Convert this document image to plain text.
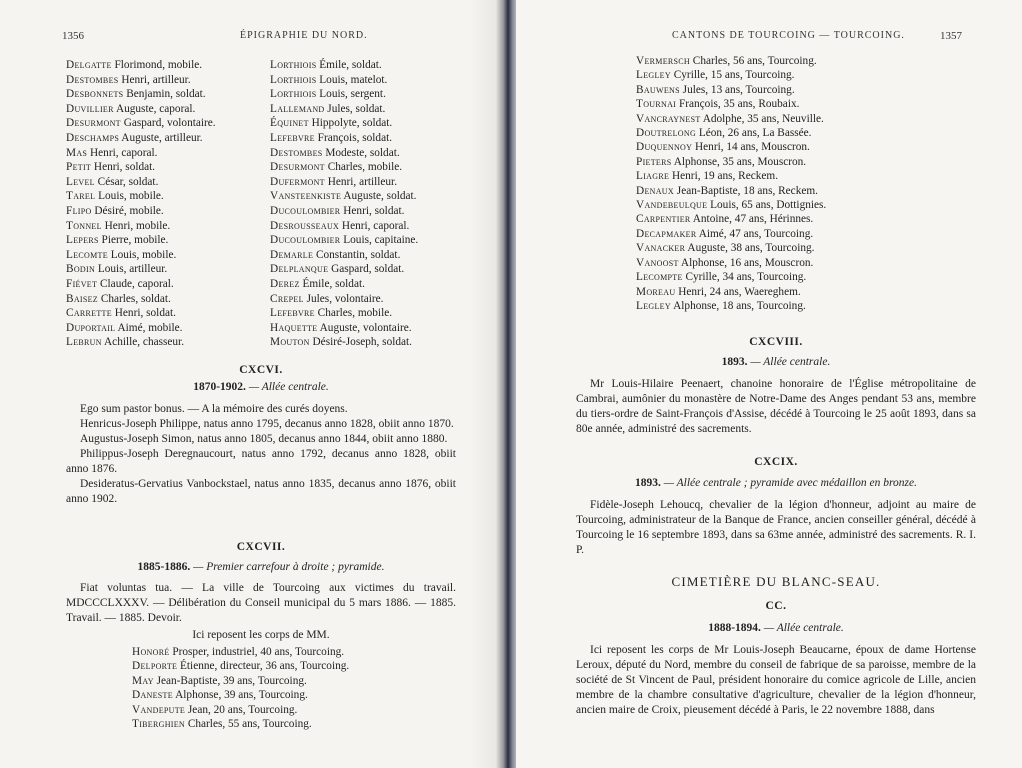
1356	ÉPIGRAPHIE DU NORD.
Delgatte Florimond, mobile.
Destombes Henri, artilleur.
Desbonnets Benjamin, soldat.
Duvillier Auguste, caporal.
Desurmont Gaspard, volontaire.
Deschamps Auguste, artilleur.
Mas Henri, caporal.
Petit Henri, soldat.
Level César, soldat.
Tarel Louis, mobile.
Flipo Désiré, mobile.
Tonnel Henri, mobile.
Lepers Pierre, mobile.
Lecomte Louis, mobile.
Bodin Louis, artilleur.
Fiévet Claude, caporal.
Baisez Charles, soldat.
Carrette Henri, soldat.
Duportail Aimé, mobile.
Lebrun Achille, chasseur.
Lorthiois Émile, soldat.
Lorthiois Louis, matelot.
Lorthiois Louis, sergent.
Lallemand Jules, soldat.
Équinet Hippolyte, soldat.
Lefebvre François, soldat.
Destombes Modeste, soldat.
Desurmont Charles, mobile.
Dufermont Henri, artilleur.
Vansteenkiste Auguste, soldat.
Ducoulombier Henri, soldat.
Desrousseaux Henri, caporal.
Ducoulombier Louis, capitaine.
Demarle Constantin, soldat.
Delplanque Gaspard, soldat.
Derez Émile, soldat.
Crepel Jules, volontaire.
Lefebvre Charles, mobile.
Haquette Auguste, volontaire.
Mouton Désiré-Joseph, soldat.
CXCVI.
1870-1902. — Allée centrale.
Ego sum pastor bonus. — A la mémoire des curés doyens.
Henricus-Joseph Philippe, natus anno 1795, decanus anno 1828, obiit anno 1870.
Augustus-Joseph Simon, natus anno 1805, decanus anno 1844, obiit anno 1880.
Philippus-Joseph Deregnaucourt, natus anno 1792, decanus anno 1828, obiit anno 1876.
Desideratus-Gervatius Vanbockstael, natus anno 1835, decanus anno 1876, obiit anno 1902.
CXCVII.
1885-1886. — Premier carrefour à droite ; pyramide.
Fiat voluntas tua. — La ville de Tourcoing aux victimes du travail. MDCCCLXXXV. — Délibération du Conseil municipal du 5 mars 1886. — 1885. Travail. — 1885. Devoir.
Ici reposent les corps de MM.
Honoré Prosper, industriel, 40 ans, Tourcoing.
Delporte Étienne, directeur, 36 ans, Tourcoing.
May Jean-Baptiste, 39 ans, Tourcoing.
Daneste Alphonse, 39 ans, Tourcoing.
Vandepute Jean, 20 ans, Tourcoing.
Tiberghien Charles, 55 ans, Tourcoing.
CANTONS DE TOURCOING — TOURCOING.	1357
Vermersch Charles, 56 ans, Tourcoing.
Legley Cyrille, 15 ans, Tourcoing.
Bauwens Jules, 13 ans, Tourcoing.
Tournai François, 35 ans, Roubaix.
Vancraynest Adolphe, 35 ans, Neuville.
Doutrelong Léon, 26 ans, La Bassée.
Duquennoy Henri, 14 ans, Mouscron.
Pieters Alphonse, 35 ans, Mouscron.
Liagre Henri, 19 ans, Reckem.
Denaux Jean-Baptiste, 18 ans, Reckem.
Vandebeulque Louis, 65 ans, Dottignies.
Carpentier Antoine, 47 ans, Hérinnes.
Decapmaker Aimé, 47 ans, Tourcoing.
Vanacker Auguste, 38 ans, Tourcoing.
Vanoost Alphonse, 16 ans, Mouscron.
Lecompte Cyrille, 34 ans, Tourcoing.
Moreau Henri, 24 ans, Waereghem.
Legley Alphonse, 18 ans, Tourcoing.
CXCVIII.
1893. — Allée centrale.
Mr Louis-Hilaire Peenaert, chanoine honoraire de l'Église métropolitaine de Cambrai, aumônier du monastère de Notre-Dame des Anges pendant 53 ans, membre du tiers-ordre de Saint-François d'Assise, décédé à Tourcoing le 25 août 1893, dans sa 80e année, administré des sacrements.
CXCIX.
1893. — Allée centrale ; pyramide avec médaillon en bronze.
Fidèle-Joseph Lehoucq, chevalier de la légion d'honneur, adjoint au maire de Tourcoing, administrateur de la Banque de France, ancien conseiller général, décédé à Tourcoing le 16 septembre 1893, dans sa 63me année, administré des sacrements. R. I. P.
CIMETIÈRE DU BLANC-SEAU.
CC.
1888-1894. — Allée centrale.
Ici reposent les corps de Mr Louis-Joseph Beaucarne, époux de dame Hortense Leroux, député du Nord, membre du conseil de fabrique de sa paroisse, membre de la société de St Vincent de Paul, président honoraire du comice agricole de Lille, ancien membre de la chambre consultative d'agriculture, chevalier de la légion d'honneur, ancien maire de Croix, pieusement décédé à Paris, le 22 novembre 1888, dans
